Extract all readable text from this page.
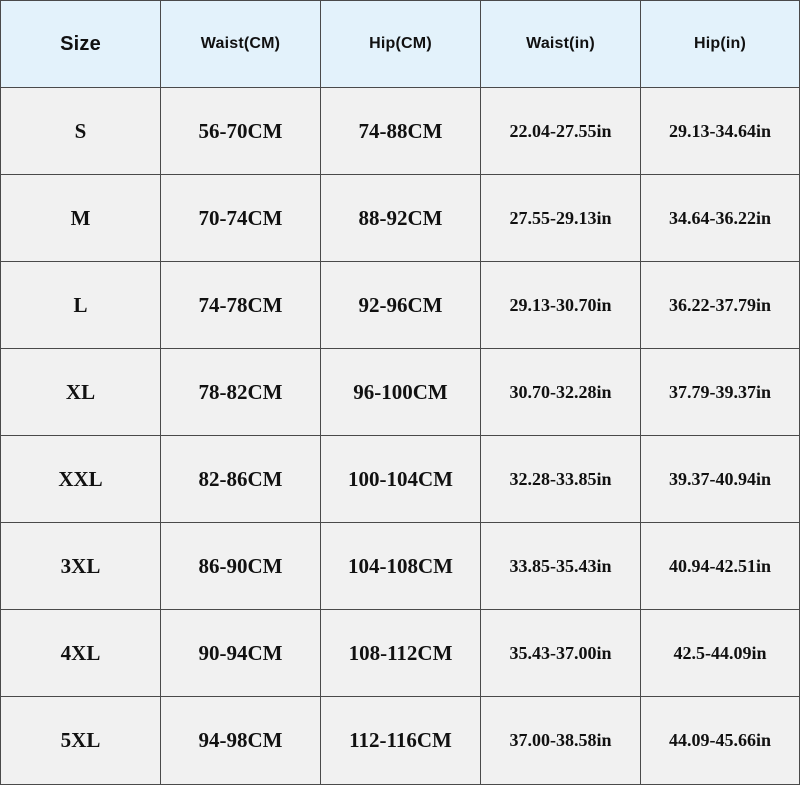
Size	Waist(CM)	Hip(CM)	Waist(in)	Hip(in)
S	56-70CM	74-88CM	22.04-27.55in	29.13-34.64in
M	70-74CM	88-92CM	27.55-29.13in	34.64-36.22in
L	74-78CM	92-96CM	29.13-30.70in	36.22-37.79in
XL	78-82CM	96-100CM	30.70-32.28in	37.79-39.37in
XXL	82-86CM	100-104CM	32.28-33.85in	39.37-40.94in
3XL	86-90CM	104-108CM	33.85-35.43in	40.94-42.51in
4XL	90-94CM	108-112CM	35.43-37.00in	42.5-44.09in
5XL	94-98CM	112-116CM	37.00-38.58in	44.09-45.66in
